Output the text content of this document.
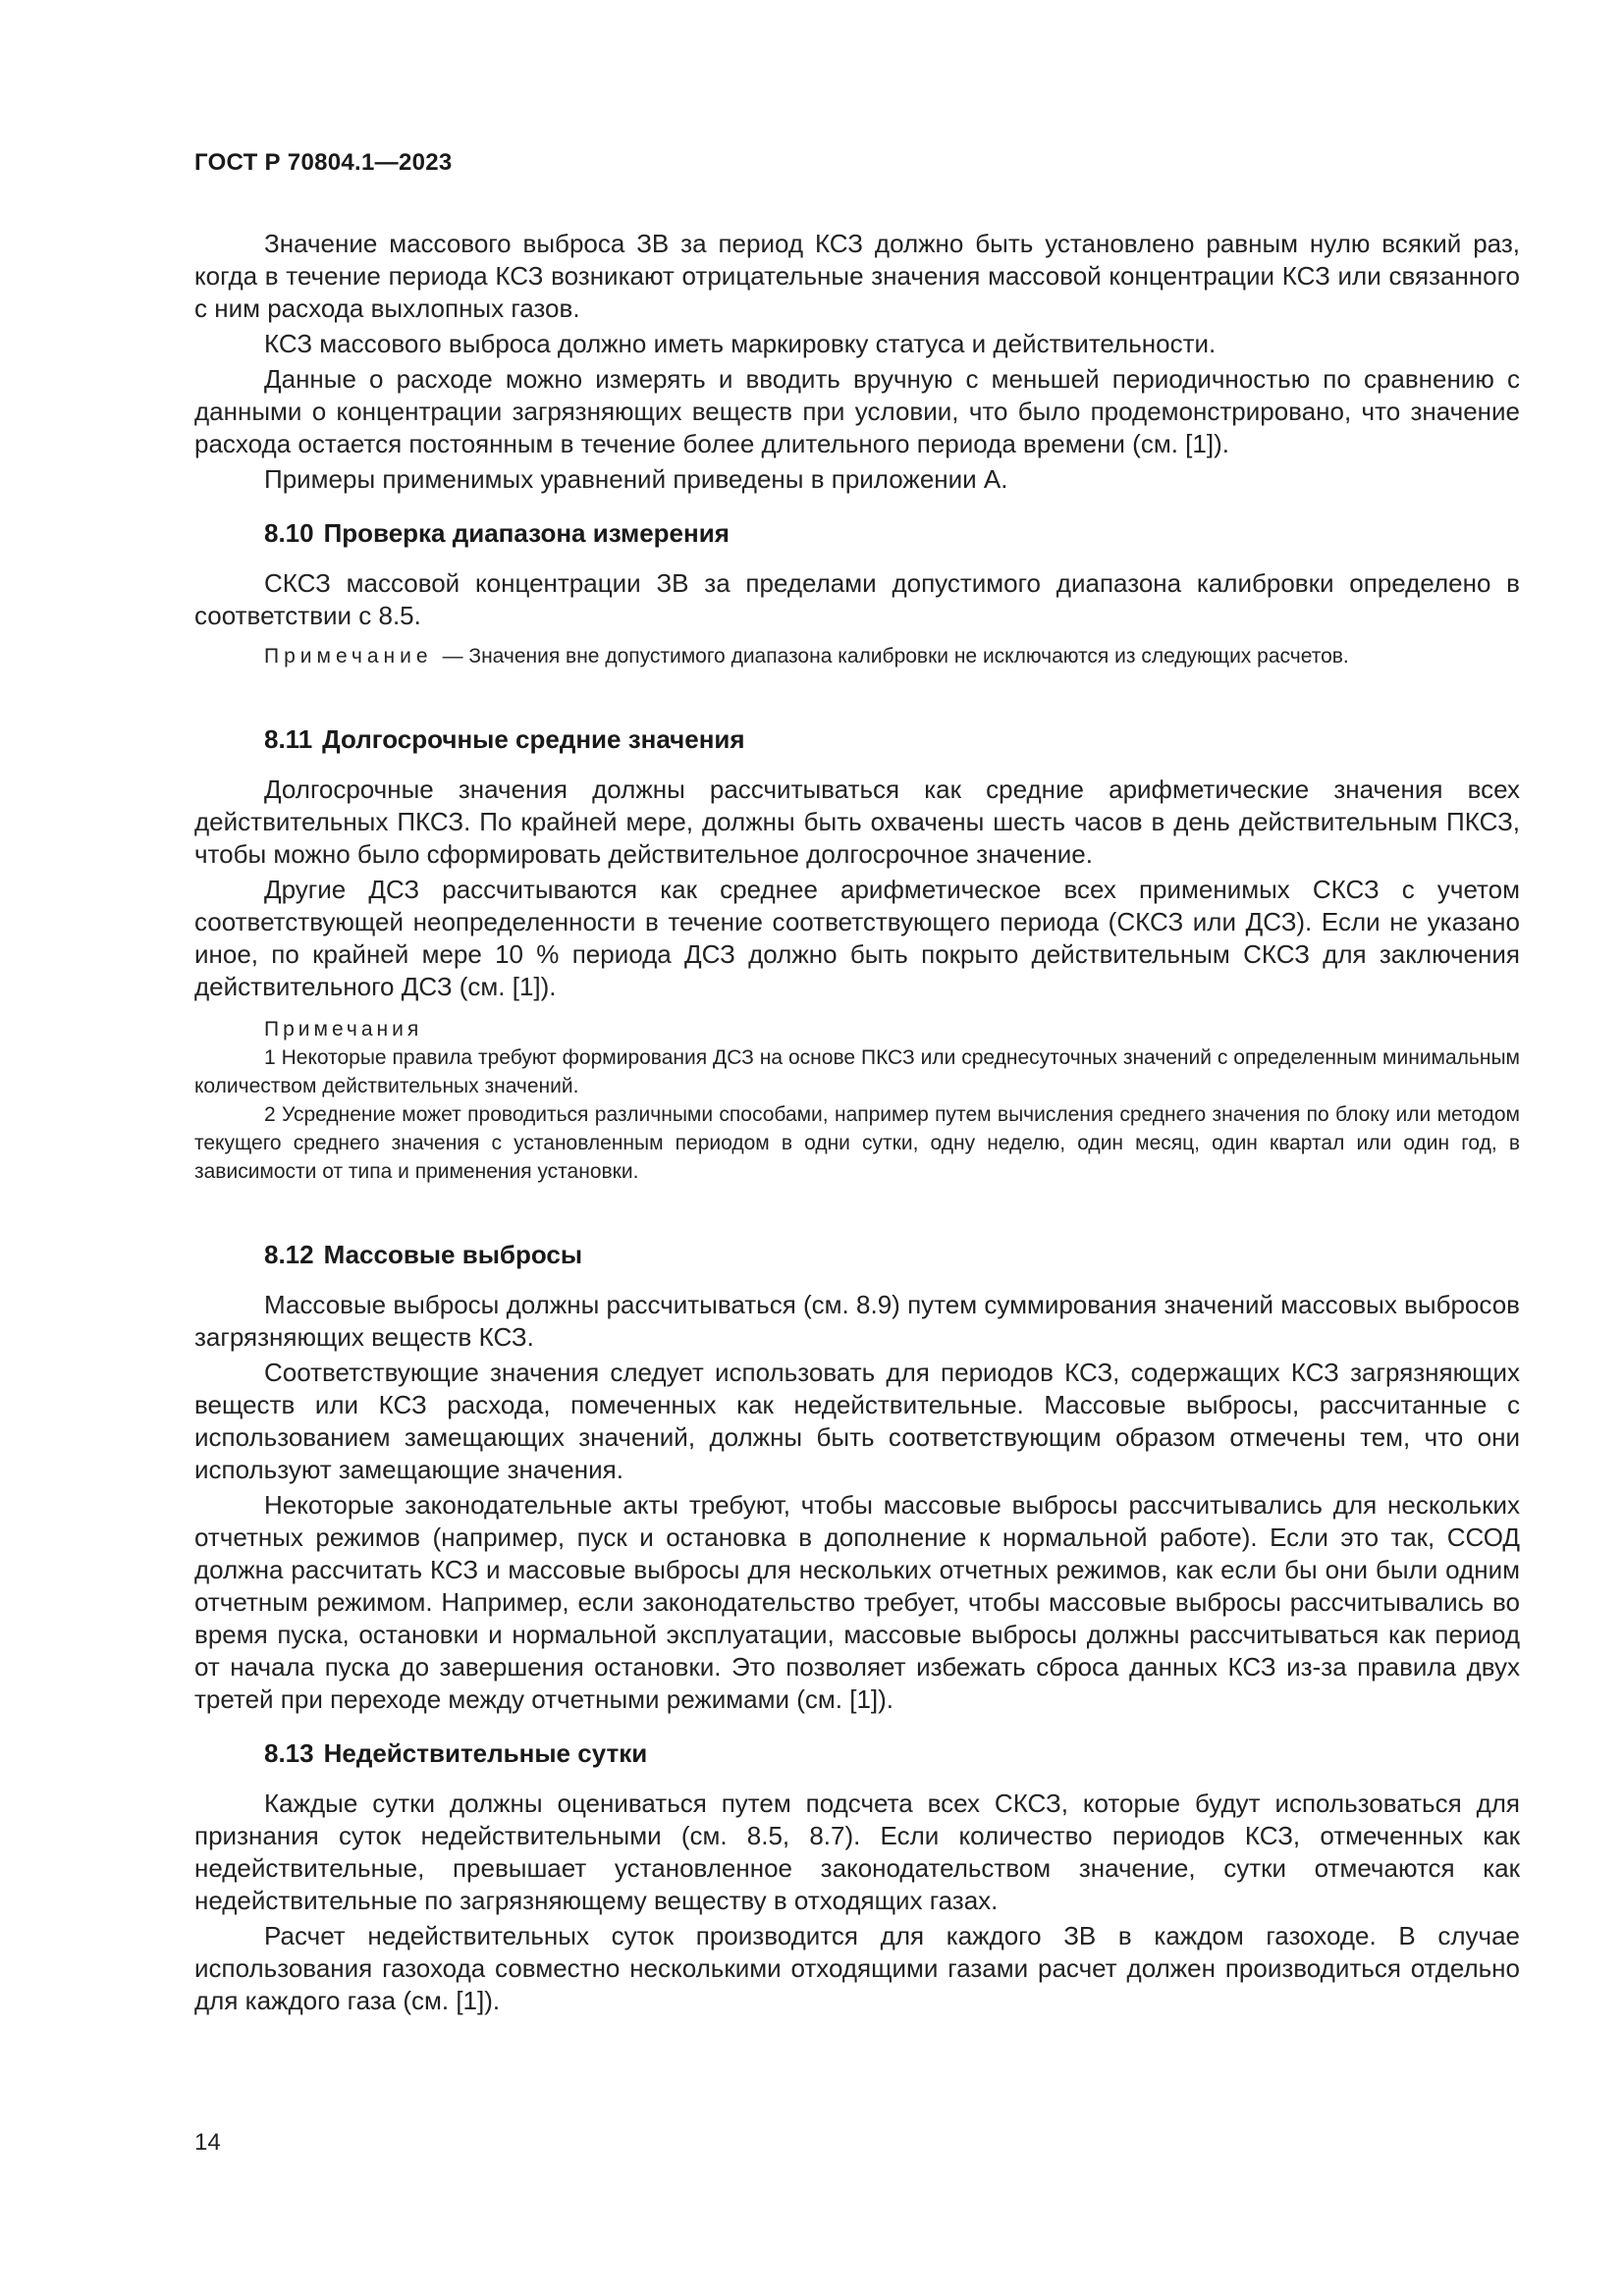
ГОСТ Р 70804.1—2023

Значение массового выброса ЗВ за период КСЗ должно быть установлено равным нулю всякий раз, когда в течение периода КСЗ возникают отрицательные значения массовой концентрации КСЗ или связанного с ним расхода выхлопных газов.

КСЗ массового выброса должно иметь маркировку статуса и действительности.

Данные о расходе можно измерять и вводить вручную с меньшей периодичностью по сравнению с данными о концентрации загрязняющих веществ при условии, что было продемонстрировано, что значение расхода остается постоянным в течение более длительного периода времени (см. [1]).

Примеры применимых уравнений приведены в приложении А.

8.10 Проверка диапазона измерения

СКСЗ массовой концентрации ЗВ за пределами допустимого диапазона калибровки определено в соответствии с 8.5.

Примечание — Значения вне допустимого диапазона калибровки не исключаются из следующих расчетов.

8.11 Долгосрочные средние значения

Долгосрочные значения должны рассчитываться как средние арифметические значения всех действительных ПКСЗ. По крайней мере, должны быть охвачены шесть часов в день действительным ПКСЗ, чтобы можно было сформировать действительное долгосрочное значение.

Другие ДСЗ рассчитываются как среднее арифметическое всех применимых СКСЗ с учетом соответствующей неопределенности в течение соответствующего периода (СКСЗ или ДСЗ). Если не указано иное, по крайней мере 10 % периода ДСЗ должно быть покрыто действительным СКСЗ для заключения действительного ДСЗ (см. [1]).

Примечания

1 Некоторые правила требуют формирования ДСЗ на основе ПКСЗ или среднесуточных значений с определенным минимальным количеством действительных значений.

2 Усреднение может проводиться различными способами, например путем вычисления среднего значения по блоку или методом текущего среднего значения с установленным периодом в одни сутки, одну неделю, один месяц, один квартал или один год, в зависимости от типа и применения установки.

8.12 Массовые выбросы

Массовые выбросы должны рассчитываться (см. 8.9) путем суммирования значений массовых выбросов загрязняющих веществ КСЗ.

Соответствующие значения следует использовать для периодов КСЗ, содержащих КСЗ загрязняющих веществ или КСЗ расхода, помеченных как недействительные. Массовые выбросы, рассчитанные с использованием замещающих значений, должны быть соответствующим образом отмечены тем, что они используют замещающие значения.

Некоторые законодательные акты требуют, чтобы массовые выбросы рассчитывались для нескольких отчетных режимов (например, пуск и остановка в дополнение к нормальной работе). Если это так, ССОД должна рассчитать КСЗ и массовые выбросы для нескольких отчетных режимов, как если бы они были одним отчетным режимом. Например, если законодательство требует, чтобы массовые выбросы рассчитывались во время пуска, остановки и нормальной эксплуатации, массовые выбросы должны рассчитываться как период от начала пуска до завершения остановки. Это позволяет избежать сброса данных КСЗ из-за правила двух третей при переходе между отчетными режимами (см. [1]).

8.13 Недействительные сутки

Каждые сутки должны оцениваться путем подсчета всех СКСЗ, которые будут использоваться для признания суток недействительными (см. 8.5, 8.7). Если количество периодов КСЗ, отмеченных как недействительные, превышает установленное законодательством значение, сутки отмечаются как недействительные по загрязняющему веществу в отходящих газах.

Расчет недействительных суток производится для каждого ЗВ в каждом газоходе. В случае использования газохода совместно несколькими отходящими газами расчет должен производиться отдельно для каждого газа (см. [1]).

14
